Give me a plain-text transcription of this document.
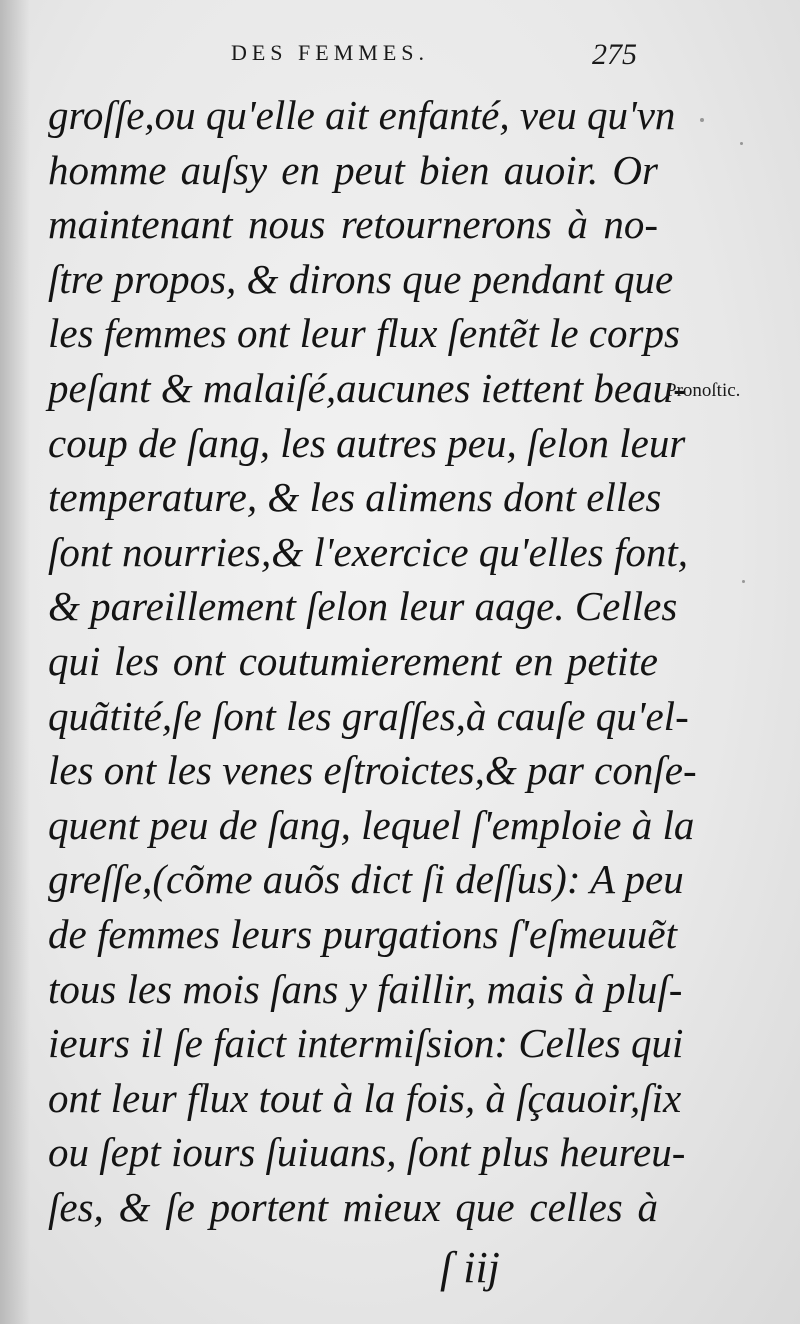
DES FEMMES.	275
groſſe,ou qu'elle ait enfanté, veu qu'vn
homme auſsy en peut bien auoir. Or
maintenant nous retournerons à no-
ſtre propos, & dirons que pendant que
les femmes ont leur flux ſentẽt le corps
peſant & malaiſé,aucunes iettent beau-
coup de ſang, les autres peu, ſelon leur
temperature, & les alimens dont elles
ſont nourries,& l'exercice qu'elles font,
& pareillement ſelon leur aage. Celles
qui les ont coutumierement en petite
quãtité,ſe ſont les graſſes,à cauſe qu'el-
les ont les venes eſtroictes,& par conſe-
quent peu de ſang, lequel ſ'emploie à la
greſſe,(cõme auõs dict ſi deſſus): A peu
de femmes leurs purgations ſ'eſmeuuẽt
tous les mois ſans y faillir, mais à pluſ-
ieurs il ſe faict intermiſsion: Celles qui
ont leur flux tout à la fois, à ſçauoir,ſix
ou ſept iours ſuiuans, ſont plus heureu-
ſes, & ſe portent mieux que celles à
Pronoſtic.
ſ iij
